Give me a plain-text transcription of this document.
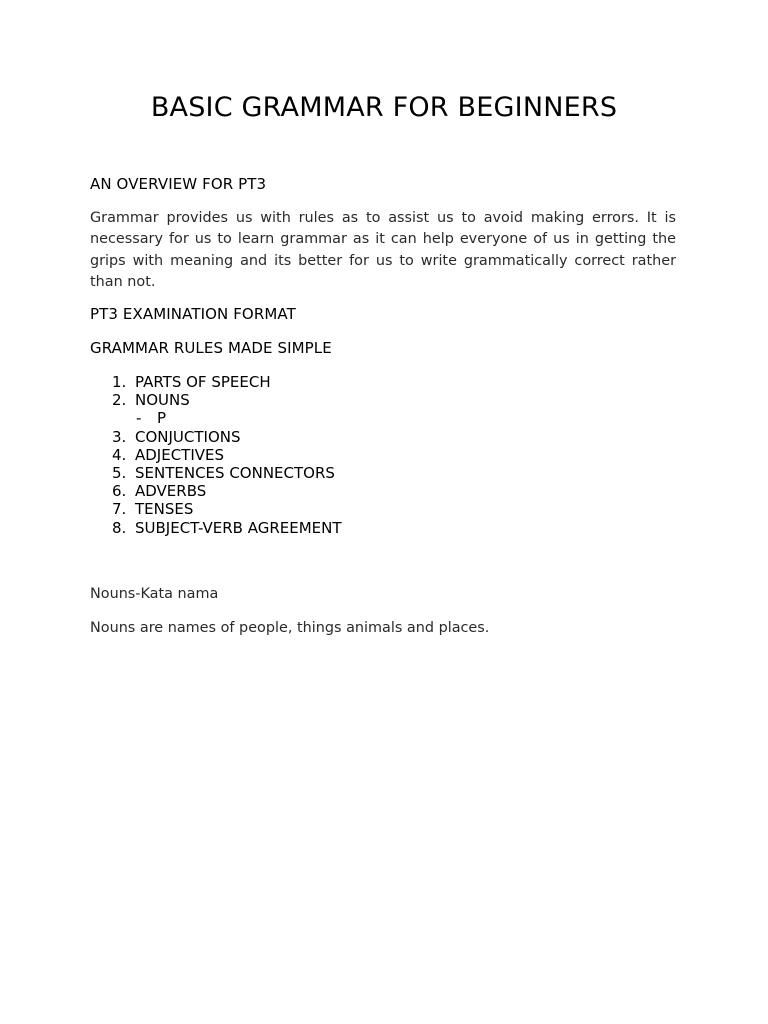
BASIC GRAMMAR FOR BEGINNERS
AN OVERVIEW FOR PT3

Grammar provides us with rules as to assist us to avoid making errors. It is necessary for us to learn grammar as it can help everyone of us in getting the grips with meaning and its better for us to write grammatically correct rather than not.

PT3 EXAMINATION FORMAT
GRAMMAR RULES MADE SIMPLE
1. PARTS OF SPEECH
2. NOUNS
- P
3. CONJUCTIONS
4. ADJECTIVES
5. SENTENCES CONNECTORS
6. ADVERBS
7. TENSES
8. SUBJECT-VERB AGREEMENT

Nouns-Kata nama

Nouns are names of people, things animals and places.
